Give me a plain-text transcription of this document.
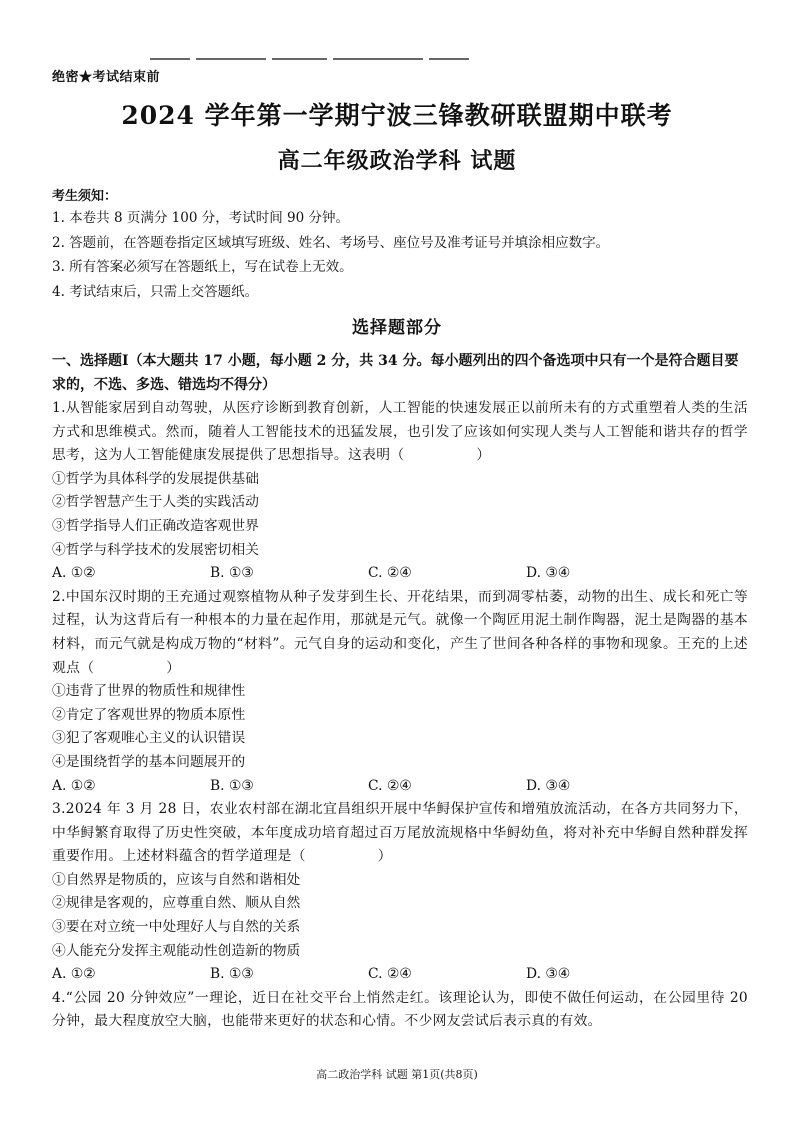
绝密★考试结束前
2024 学年第一学期宁波三锋教研联盟期中联考
高二年级政治学科 试题
考生须知：
1. 本卷共 8 页满分 100 分，考试时间 90 分钟。
2. 答题前，在答题卷指定区域填写班级、姓名、考场号、座位号及准考证号并填涂相应数字。
3. 所有答案必须写在答题纸上，写在试卷上无效。
4. 考试结束后，只需上交答题纸。
选择题部分
一、选择题Ⅰ（本大题共 17 小题，每小题 2 分，共 34 分。每小题列出的四个备选项中只有一个是符合题目要求的，不选、多选、错选均不得分）

1.从智能家居到自动驾驶，从医疗诊断到教育创新，人工智能的快速发展正以前所未有的方式重塑着人类的生活方式和思维模式。然而，随着人工智能技术的迅猛发展，也引发了应该如何实现人类与人工智能和谐共存的哲学思考，这为人工智能健康发展提供了思想指导。这表明（	）

①哲学为具体科学的发展提供基础

②哲学智慧产生于人类的实践活动

③哲学指导人们正确改造客观世界

④哲学与科学技术的发展密切相关

A. ①②	B. ①③	C. ②④	D. ③④

2.中国东汉时期的王充通过观察植物从种子发芽到生长、开花结果，而到凋零枯萎，动物的出生、成长和死亡等过程，认为这背后有一种根本的力量在起作用，那就是元气。就像一个陶匠用泥土制作陶器，泥土是陶器的基本材料，而元气就是构成万物的“材料”。元气自身的运动和变化，产生了世间各种各样的事物和现象。王充的上述观点（	）

①违背了世界的物质性和规律性

②肯定了客观世界的物质本原性

③犯了客观唯心主义的认识错误

④是围绕哲学的基本问题展开的

A. ①②	B. ①③	C. ②④	D. ③④

3.2024 年 3 月 28 日，农业农村部在湖北宜昌组织开展中华鲟保护宣传和增殖放流活动，在各方共同努力下，中华鲟繁育取得了历史性突破，本年度成功培育超过百万尾放流规格中华鲟幼鱼，将对补充中华鲟自然种群发挥重要作用。上述材料蕴含的哲学道理是（	）

①自然界是物质的，应该与自然和谐相处

②规律是客观的，应尊重自然、顺从自然

③要在对立统一中处理好人与自然的关系

④人能充分发挥主观能动性创造新的物质

A. ①②	B. ①③	C. ②④	D. ③④

4.“公园 20 分钟效应”一理论，近日在社交平台上悄然走红。该理论认为，即使不做任何运动，在公园里待 20 分钟，最大程度放空大脑，也能带来更好的状态和心情。不少网友尝试后表示真的有效。

高二政治学科 试题 第1页(共8页)
